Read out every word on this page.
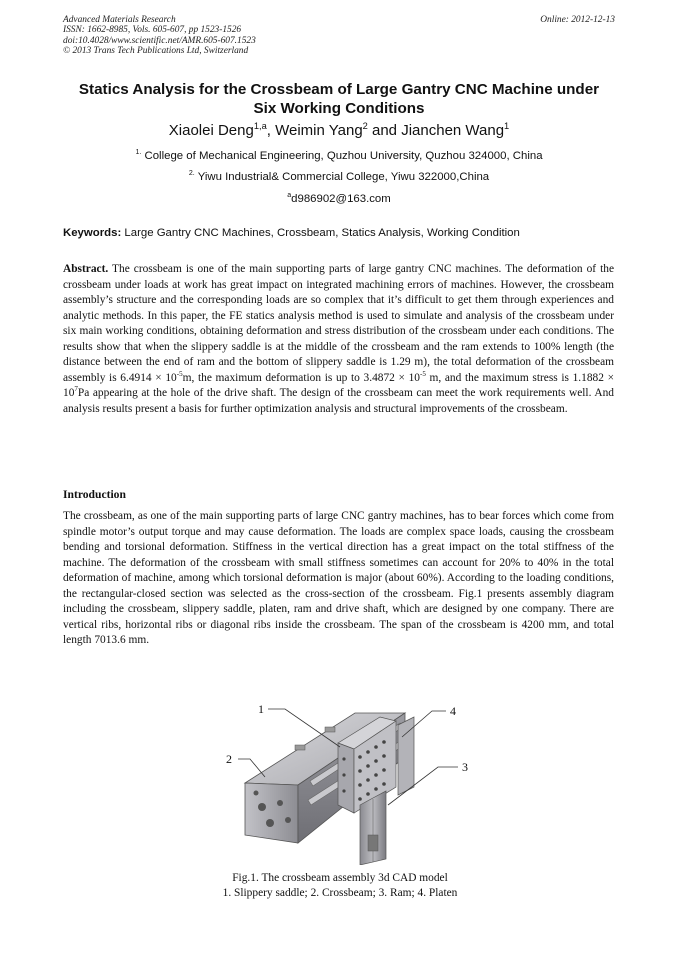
Advanced Materials Research
ISSN: 1662-8985, Vols. 605-607, pp 1523-1526
doi:10.4028/www.scientific.net/AMR.605-607.1523
© 2013 Trans Tech Publications Ltd, Switzerland
Online: 2012-12-13
Statics Analysis for the Crossbeam of Large Gantry CNC Machine under
Six Working Conditions
Xiaolei Deng$^{1,a}$, Weimin Yang$^2$ and Jianchen Wang$^1$
$^{1.}$ College of Mechanical Engineering, Quzhou University, Quzhou 324000, China
$^{2.}$ Yiwu Industrial& Commercial College, Yiwu 322000,China
$^a$d986902@163.com
Keywords: Large Gantry CNC Machines, Crossbeam, Statics Analysis, Working Condition
Abstract. The crossbeam is one of the main supporting parts of large gantry CNC machines. The deformation of the crossbeam under loads at work has great impact on integrated machining errors of machines. However, the crossbeam assembly’s structure and the corresponding loads are so complex that it’s difficult to get them through experiences and analytic methods. In this paper, the FE statics analysis method is used to simulate and analysis of the crossbeam under six main working conditions, obtaining deformation and stress distribution of the crossbeam under each conditions. The results show that when the slippery saddle is at the middle of the crossbeam and the ram extends to 100% length (the distance between the end of ram and the bottom of slippery saddle is 1.29 m), the total deformation of the crossbeam assembly is $6.4914 \times 10^{-5}m$, the maximum deformation is up to $3.4872 \times 10^{-5}$ m, and the maximum stress is $1.1882 \times 10^7Pa$ appearing at the hole of the drive shaft. The design of the crossbeam can meet the work requirements well. And analysis results present a basis for further optimization analysis and structural improvements of the crossbeam.
Introduction
The crossbeam, as one of the main supporting parts of large CNC gantry machines, has to bear forces which come from spindle motor’s output torque and may cause deformation. The loads are complex space loads, causing the crossbeam bending and torsional deformation. Stiffness in the vertical direction has a great impact on the total stiffness of the machine. The deformation of the crossbeam with small stiffness sometimes can account for 20% to 40% in the total deformation of machine, among which torsional deformation is major (about 60%). According to the loading conditions, the rectangular-closed section was selected as the cross-section of the crossbeam. Fig.1 presents assembly diagram including the crossbeam, slippery saddle, platen, ram and drive shaft, which are designed by one company. There are vertical ribs, horizontal ribs or diagonal ribs inside the crossbeam. The span of the crossbeam is 4200 mm, and total length 7013.6 mm.
1
2
3
4
Fig.1. The crossbeam assembly 3d CAD model
1. Slippery saddle; 2. Crossbeam; 3. Ram; 4. Platen
